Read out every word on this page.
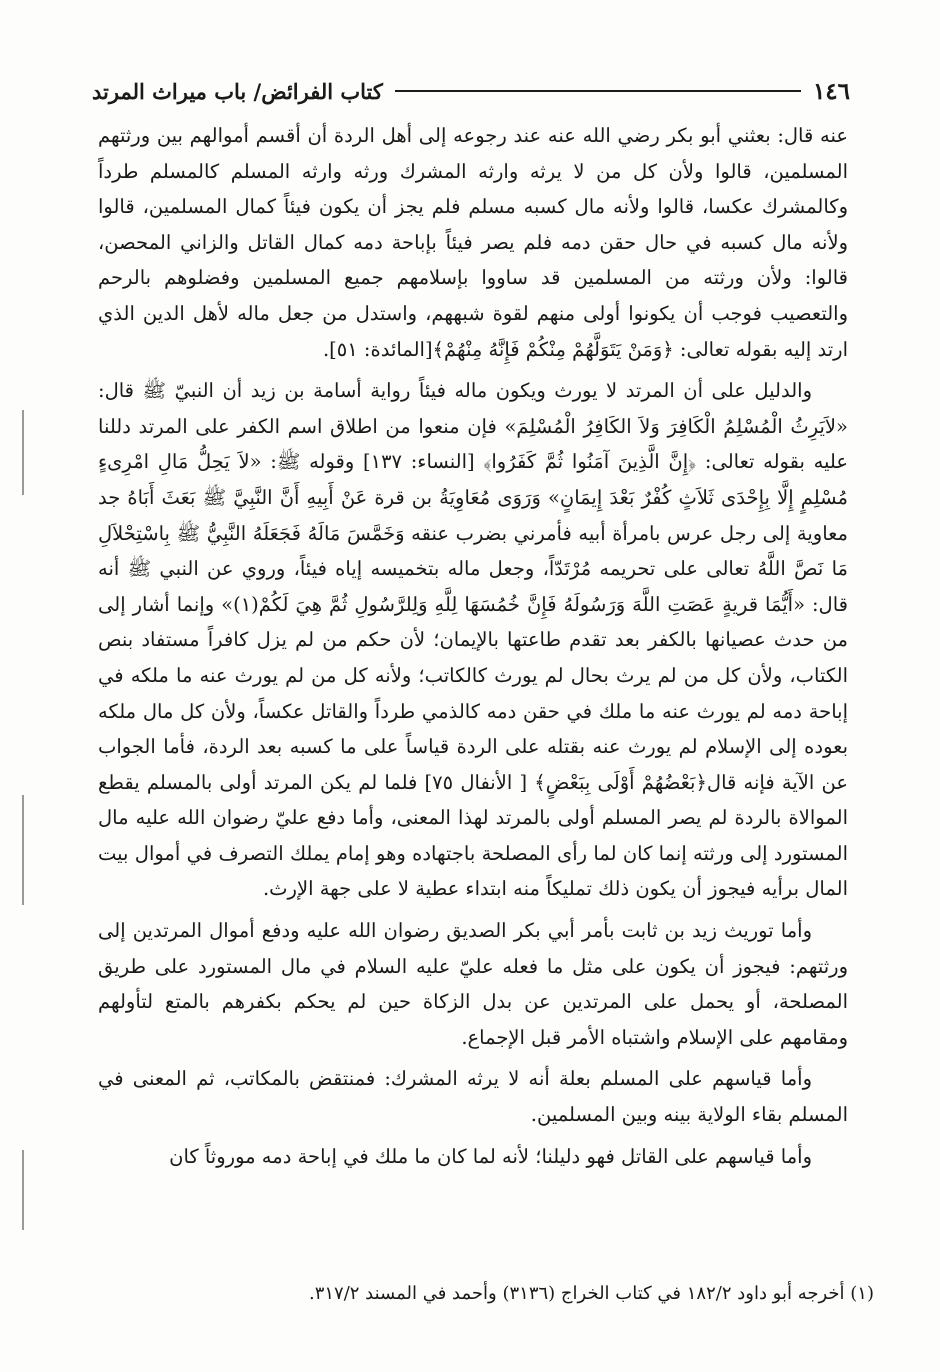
١٤٦
كتاب الفرائض/ باب ميراث المرتد

عنه قال: بعثني أبو بكر رضي الله عنه عند رجوعه إلى أهل الردة أن أقسم أموالهم بين ورثتهم المسلمين، قالوا ولأن كل من لا يرثه وارثه المشرك ورثه وارثه المسلم كالمسلم طرداً وكالمشرك عكسا، قالوا ولأنه مال كسبه مسلم فلم يجز أن يكون فيئاً كمال المسلمين، قالوا ولأنه مال كسبه في حال حقن دمه فلم يصر فيئاً بإباحة دمه كمال القاتل والزاني المحصن، قالوا: ولأن ورثته من المسلمين قد ساووا بإسلامهم جميع المسلمين وفضلوهم بالرحم والتعصيب فوجب أن يكونوا أولى منهم لقوة شبههم، واستدل من جعل ماله لأهل الدين الذي ارتد إليه بقوله تعالى: ﴿وَمَنْ يَتَوَلَّهُمْ مِنْكُمْ فَإِنَّهُ مِنْهُمْ﴾[المائدة: ٥١].

والدليل على أن المرتد لا يورث ويكون ماله فيئاً رواية أسامة بن زيد أن النبيّ ﷺ قال: «لاَيَرِثُ الْمُسْلِمُ الْكَافِرَ وَلاَ الكَافِرُ الْمُسْلِمَ» فإن منعوا من اطلاق اسم الكفر على المرتد دللنا عليه بقوله تعالى: ﴿إِنَّ الَّذِينَ آمَنُوا ثُمَّ كَفَرُوا﴾ [النساء: ١٣٧] وقوله ﷺ: «لاَ يَحِلُّ مَالِ امْرِىءٍ مُسْلِمٍ إِلَّا بِإِحْدَى ثَلاَثٍ كُفْرٌ بَعْدَ إِيمَانٍ» وَرَوَى مُعَاوِيَةُ بن قرة عَنْ أَبِيهِ أَنَّ النَّبِيَّ ﷺ بَعَثَ أَبَاهُ جد معاوية إلى رجل عرس بامرأة أبيه فأمرني بضرب عنقه وَخَمَّسَ مَالَهُ فَجَعَلَهُ النَّبِيُّ ﷺ بِاسْتِحْلاَلِ مَا نَصَّ اللَّهُ تعالى على تحريمه مُرْتَدّاً، وجعل ماله بتخميسه إياه فيئاً، وروي عن النبي ﷺ أنه قال: «أَيُّمَا قريةٍ عَصَتِ اللَّهَ وَرَسُولَهُ فَإِنَّ خُمُسَهَا لِلَّهِ وَلِلرَّسُولِ ثُمَّ هِيَ لَكُمْ(١)» وإنما أشار إلى من حدث عصيانها بالكفر بعد تقدم طاعتها بالإيمان؛ لأن حكم من لم يزل كافراً مستفاد بنص الكتاب، ولأن كل من لم يرث بحال لم يورث كالكاتب؛ ولأنه كل من لم يورث عنه ما ملكه في إباحة دمه لم يورث عنه ما ملك في حقن دمه كالذمي طرداً والقاتل عكساً، ولأن كل مال ملكه بعوده إلى الإسلام لم يورث عنه بقتله على الردة قياساً على ما كسبه بعد الردة، فأما الجواب عن الآية فإنه قال﴿بَعْضُهُمْ أَوْلَى بِبَعْضٍ﴾ [ الأنفال ٧٥] فلما لم يكن المرتد أولى بالمسلم يقطع الموالاة بالردة لم يصر المسلم أولى بالمرتد لهذا المعنى، وأما دفع عليّ رضوان الله عليه مال المستورد إلى ورثته إنما كان لما رأى المصلحة باجتهاده وهو إمام يملك التصرف في أموال بيت المال برأيه فيجوز أن يكون ذلك تمليكاً منه ابتداء عطية لا على جهة الإرث.

وأما توريث زيد بن ثابت بأمر أبي بكر الصديق رضوان الله عليه ودفع أموال المرتدين إلى ورثتهم: فيجوز أن يكون على مثل ما فعله عليّ عليه السلام في مال المستورد على طريق المصلحة، أو يحمل على المرتدين عن بدل الزكاة حين لم يحكم بكفرهم بالمتع لتأولهم ومقامهم على الإسلام واشتباه الأمر قبل الإجماع.

وأما قياسهم على المسلم بعلة أنه لا يرثه المشرك: فمنتقض بالمكاتب، ثم المعنى في المسلم بقاء الولاية بينه وبين المسلمين.

وأما قياسهم على القاتل فهو دليلنا؛ لأنه لما كان ما ملك في إباحة دمه موروثاً كان

(١) أخرجه أبو داود ١٨٢/٢ في كتاب الخراج (٣١٣٦) وأحمد في المسند ٣١٧/٢.
